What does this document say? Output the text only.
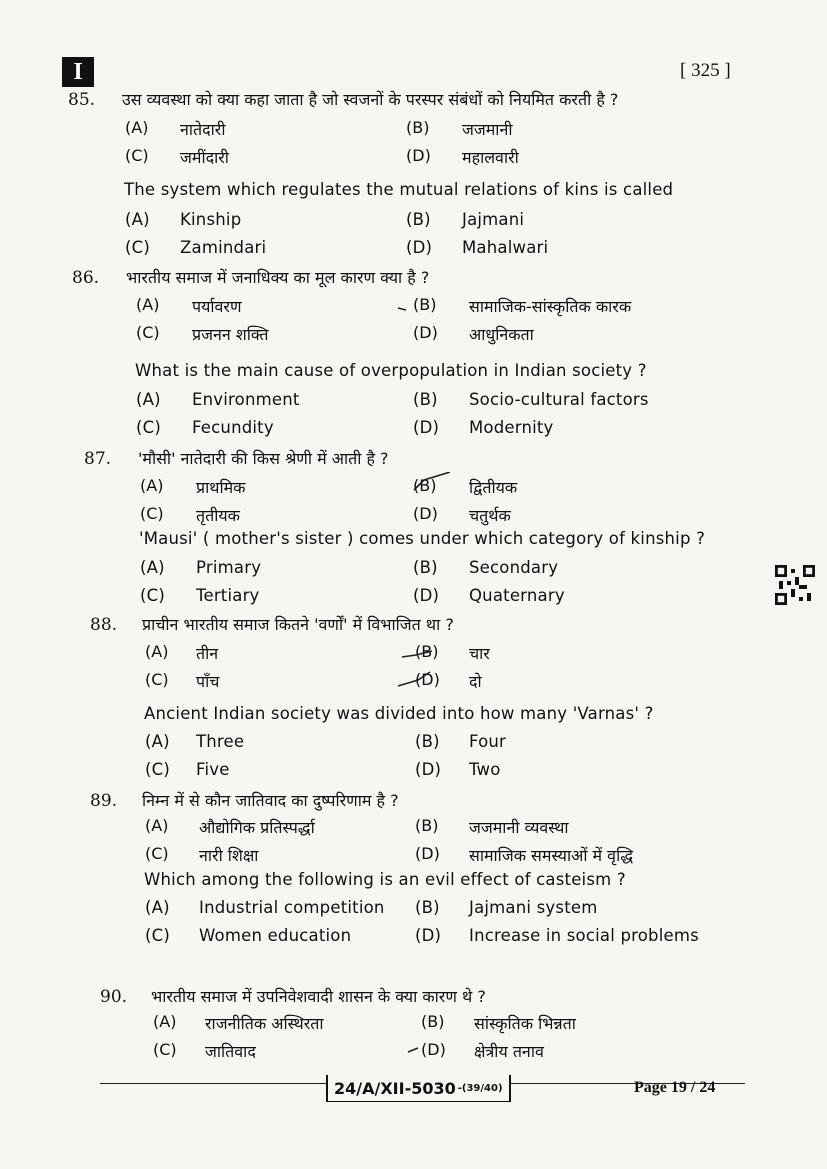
I	[ 325 ]
85. उस व्यवस्था को क्या कहा जाता है जो स्वजनों के परस्पर संबंधों को नियमित करती है ?
(A) नातेदारी	(B) जजमानी
(C) जमींदारी	(D) महालवारी
The system which regulates the mutual relations of kins is called
(A) Kinship	(B) Jajmani
(C) Zamindari	(D) Mahalwari
86. भारतीय समाज में जनाधिक्य का मूल कारण क्या है ?
(A) पर्यावरण	(B) सामाजिक-सांस्कृतिक कारक
(C) प्रजनन शक्ति	(D) आधुनिकता
What is the main cause of overpopulation in Indian society ?
(A) Environment	(B) Socio-cultural factors
(C) Fecundity	(D) Modernity
87. 'मौसी' नातेदारी की किस श्रेणी में आती है ?
(A) प्राथमिक	(B) द्वितीयक
(C) तृतीयक	(D) चतुर्थक
'Mausi' ( mother's sister ) comes under which category of kinship ?
(A) Primary	(B) Secondary
(C) Tertiary	(D) Quaternary
88. प्राचीन भारतीय समाज कितने 'वर्णों' में विभाजित था ?
(A) तीन	(B) चार
(C) पाँच	(D) दो
Ancient Indian society was divided into how many 'Varnas' ?
(A) Three	(B) Four
(C) Five	(D) Two
89. निम्न में से कौन जातिवाद का दुष्परिणाम है ?
(A) औद्योगिक प्रतिस्पर्द्धा	(B) जजमानी व्यवस्था
(C) नारी शिक्षा	(D) सामाजिक समस्याओं में वृद्धि
Which among the following is an evil effect of casteism ?
(A) Industrial competition (B) Jajmani system
(C) Women education	(D) Increase in social problems
90. भारतीय समाज में उपनिवेशवादी शासन के क्या कारण थे ?
(A) राजनीतिक अस्थिरता	(B) सांस्कृतिक भिन्नता
(C) जातिवाद	(D) क्षेत्रीय तनाव
24/A/XII-5030 -(39/40)	Page 19 / 24
